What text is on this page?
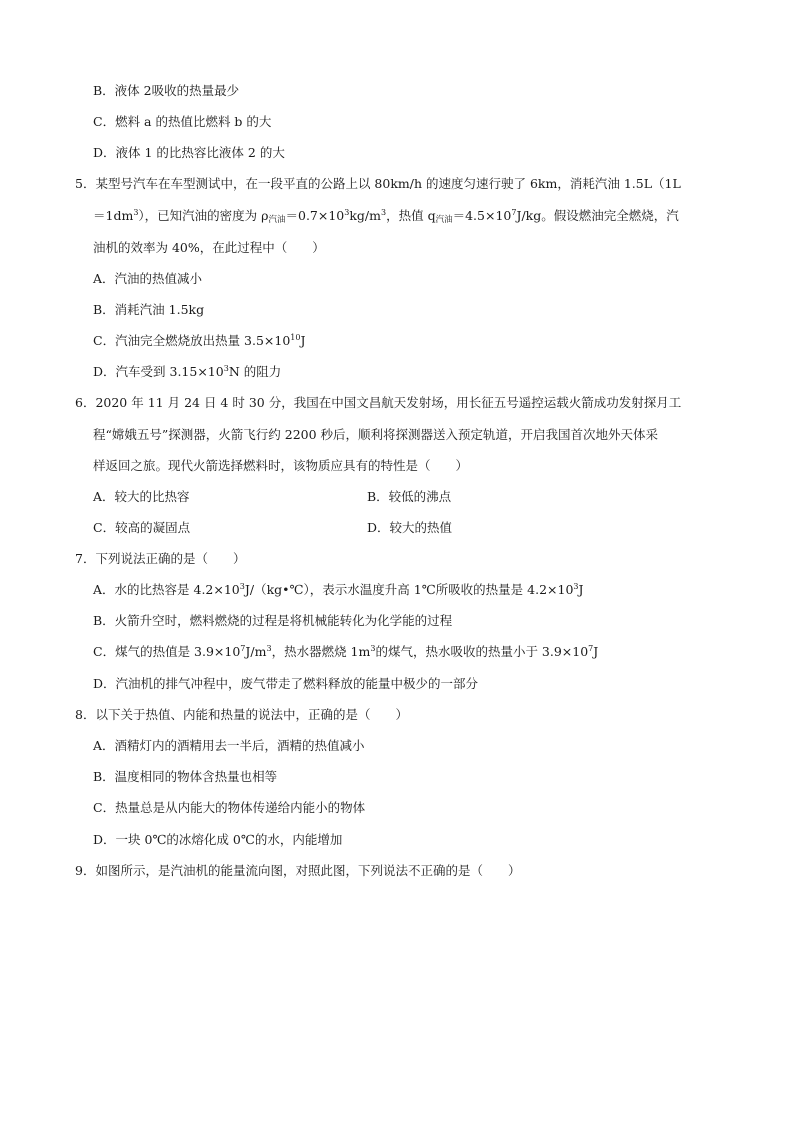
B．液体 2吸收的热量最少
C．燃料 a 的热值比燃料 b 的大
D．液体 1 的比热容比液体 2 的大
5．某型号汽车在车型测试中，在一段平直的公路上以 80km/h 的速度匀速行驶了 6km，消耗汽油 1.5L（1L
$=1dm^3$），已知汽油的密度为 ρ汽油$=0.7\times 10^3kg/m^3$，热值 q汽油$=4.5\times 10^7J/kg$。假设燃油完全燃烧，汽
油机的效率为 40%，在此过程中（　　）
A．汽油的热值减小
B．消耗汽油 1.5kg
C．汽油完全燃烧放出热量 $3.5\times 10^{10}J$
D．汽车受到 $3.15\times 10^3N$ 的阻力
6．2020 年 11 月 24 日 4 时 30 分，我国在中国文昌航天发射场，用长征五号遥控运载火箭成功发射探月工
程“嫦娥五号”探测器，火箭飞行约 2200 秒后，顺利将探测器送入预定轨道，开启我国首次地外天体采
样返回之旅。现代火箭选择燃料时，该物质应具有的特性是（　　）
A．较大的比热容	B．较低的沸点
C．较高的凝固点	D．较大的热值
7．下列说法正确的是（　　）
A．水的比热容是 $4.2\times 10^3J/(kg•℃)$，表示水温度升高 1℃所吸收的热量是 $4.2\times 10^3J$
B．火箭升空时，燃料燃烧的过程是将机械能转化为化学能的过程
C．煤气的热值是 $3.9\times 10^7J/m^3$，热水器燃烧 $1m^3$的煤气，热水吸收的热量小于 $3.9\times 10^7J$
D．汽油机的排气冲程中，废气带走了燃料释放的能量中极少的一部分
8．以下关于热值、内能和热量的说法中，正确的是（　　）
A．酒精灯内的酒精用去一半后，酒精的热值减小
B．温度相同的物体含热量也相等
C．热量总是从内能大的物体传递给内能小的物体
D．一块 0℃的冰熔化成 0℃的水，内能增加
9．如图所示，是汽油机的能量流向图，对照此图，下列说法不正确的是（　　）
